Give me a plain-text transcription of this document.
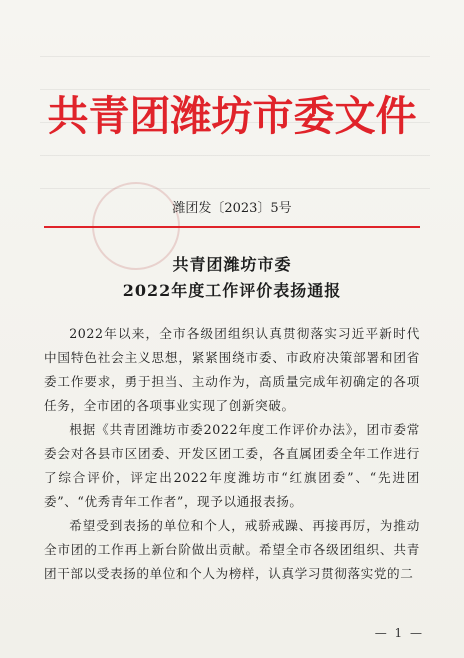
共青团潍坊市委文件
潍团发〔2023〕5号
共青团潍坊市委
2022年度工作评价表扬通报

2022年以来，全市各级团组织认真贯彻落实习近平新时代中国特色社会主义思想，紧紧围绕市委、市政府决策部署和团省委工作要求，勇于担当、主动作为，高质量完成年初确定的各项任务，全市团的各项事业实现了创新突破。

根据《共青团潍坊市委2022年度工作评价办法》，团市委常委会对各县市区团委、开发区团工委，各直属团委全年工作进行了综合评价，评定出2022年度潍坊市“红旗团委”、“先进团委”、“优秀青年工作者”，现予以通报表扬。

希望受到表扬的单位和个人，戒骄戒躁、再接再厉，为推动全市团的工作再上新台阶做出贡献。希望全市各级团组织、共青团干部以受表扬的单位和个人为榜样，认真学习贯彻落实党的二

— 1 —
